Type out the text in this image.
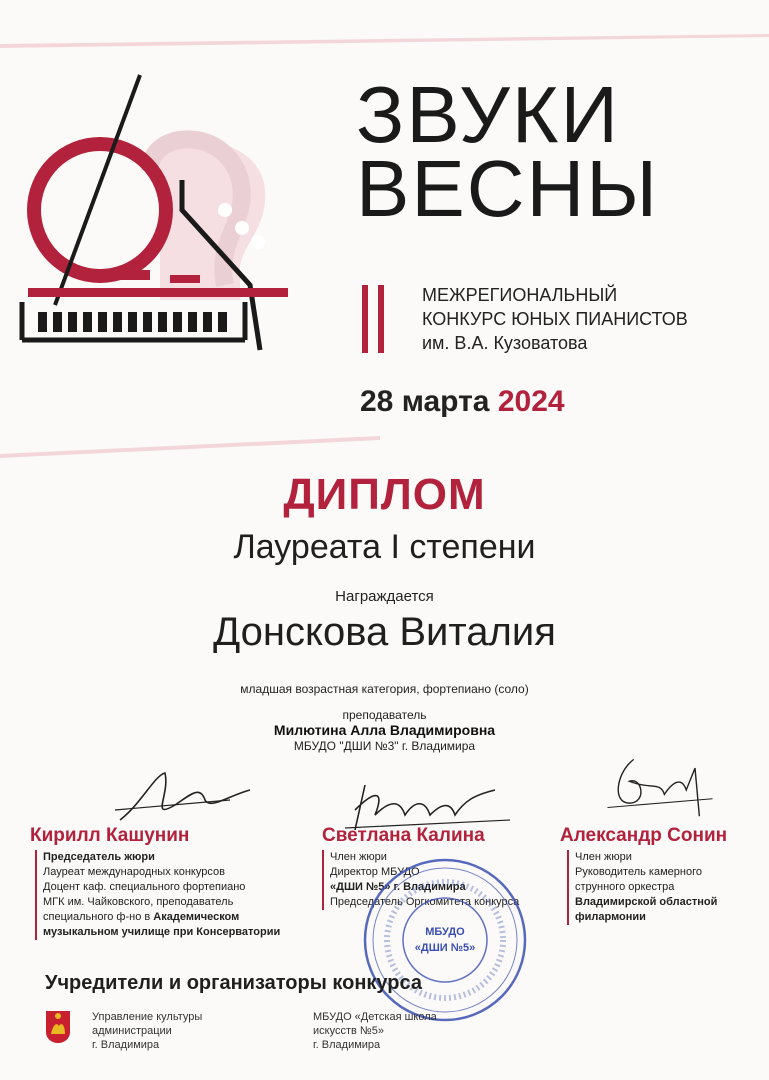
ЗВУКИ
ВЕСНЫ
МЕЖРЕГИОНАЛЬНЫЙ
КОНКУРС ЮНЫХ ПИАНИСТОВ
им. В.А. Кузоватова
28 марта 2024
ДИПЛОМ
Лауреата I степени
Награждается
Донскова Виталия
младшая возрастная категория, фортепиано (соло)
преподаватель
Милютина Алла Владимировна
МБУДО "ДШИ №3" г. Владимира
Кирилл Кашунин
Председатель жюри
Лауреат международных конкурсов
Доцент каф. специального фортепиано
МГК им. Чайковского, преподаватель
специального ф-но в Академическом
музыкальном училище при Консерватории
Светлана Калина
Член жюри
Директор МБУДО
«ДШИ №5» г. Владимира
Председатель Оргкомитета конкурса
Александр Сонин
Член жюри
Руководитель камерного
струнного оркестра
Владимирской областной
филармонии
МБУДО
«ДШИ №5»
Учредители и организаторы конкурса
Управление культуры
администрации
г. Владимира
МБУДО «Детская школа
искусств №5»
г. Владимира
